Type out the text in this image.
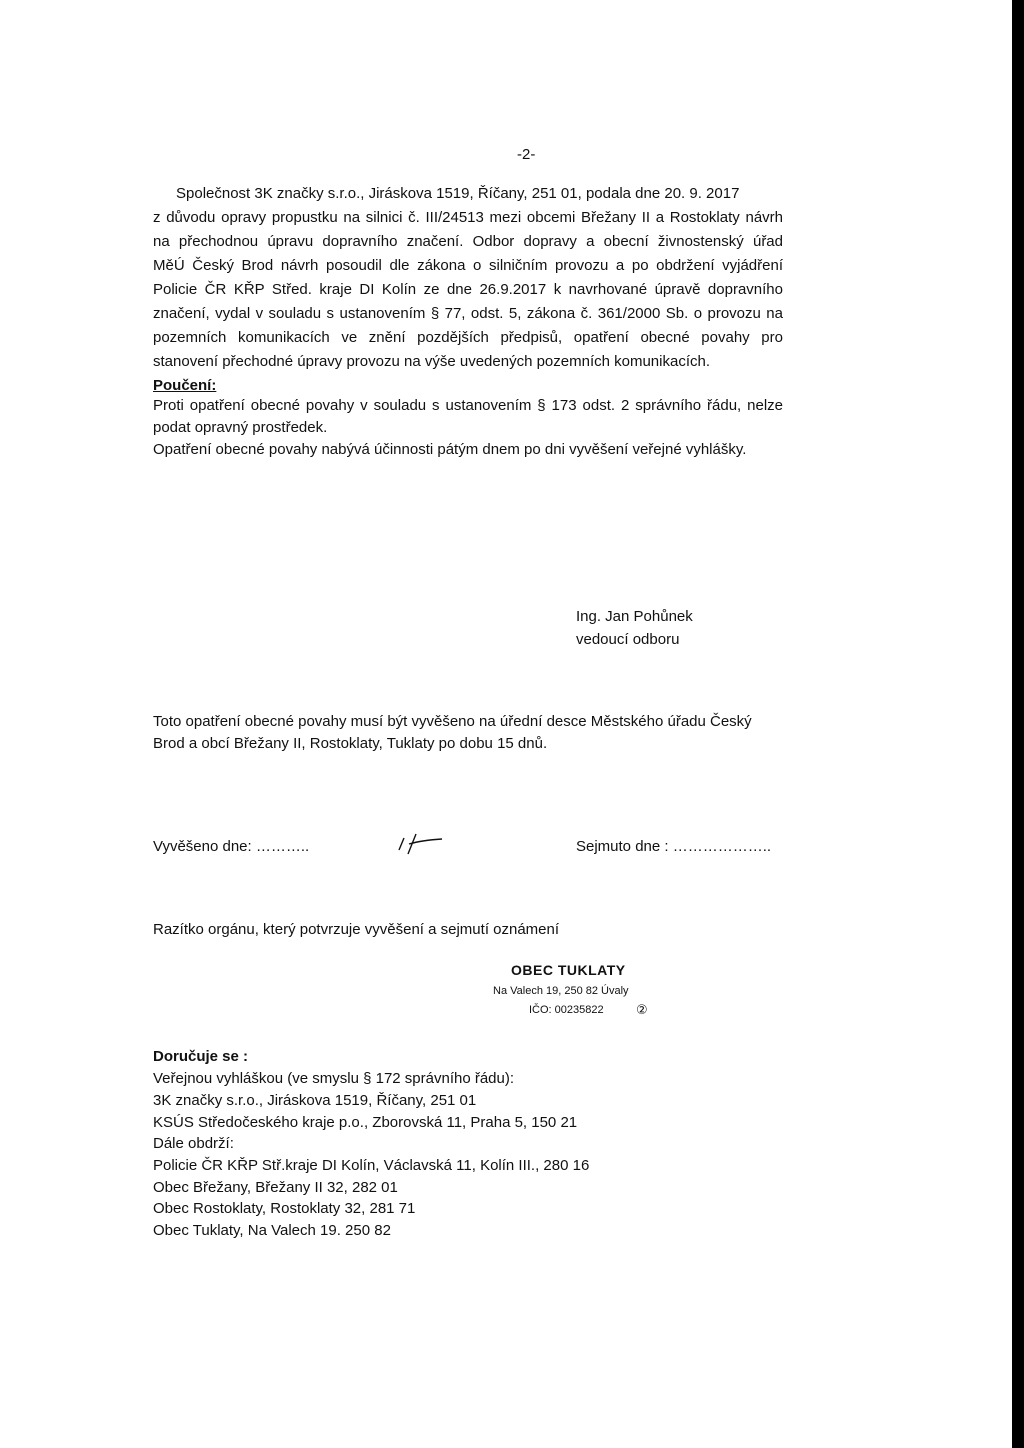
-2-
Společnost 3K značky s.r.o., Jiráskova 1519, Říčany, 251 01, podala dne 20. 9. 2017
z důvodu opravy propustku na silnici č. III/24513 mezi obcemi Břežany II a Rostoklaty návrh
na přechodnou úpravu dopravního značení. Odbor dopravy a obecní živnostenský úřad
MěÚ Český Brod návrh posoudil dle zákona o silničním provozu a po obdržení vyjádření
Policie ČR KŘP Střed. kraje DI Kolín ze dne 26.9.2017 k navrhované úpravě dopravního
značení, vydal v souladu s ustanovením § 77, odst. 5, zákona č. 361/2000 Sb. o provozu na
pozemních komunikacích ve znění pozdějších předpisů, opatření obecné povahy pro
stanovení přechodné úpravy provozu na výše uvedených pozemních komunikacích.
Poučení:
Proti opatření obecné povahy v souladu s ustanovením § 173 odst. 2 správního řádu, nelze
podat opravný prostředek.
Opatření obecné povahy nabývá účinnosti pátým dnem po dni vyvěšení veřejné vyhlášky.
Ing. Jan Pohůnek
vedoucí odboru
Toto opatření obecné povahy musí být vyvěšeno na úřední desce Městského úřadu Český
Brod a obcí Břežany II, Rostoklaty, Tuklaty po dobu 15 dnů.
Vyvěšeno dne: ………..	Sejmuto dne : ………………..
Razítko orgánu, který potvrzuje vyvěšení a sejmutí oznámení
OBEC TUKLATY
Na Valech 19, 250 82 Úvaly
IČO: 00235822 ②
Doručuje se :
Veřejnou vyhláškou (ve smyslu § 172 správního řádu):
3K značky s.r.o., Jiráskova 1519, Říčany, 251 01
KSÚS Středočeského kraje p.o., Zborovská 11, Praha 5, 150 21
Dále obdrží:
Policie ČR KŘP Stř.kraje DI Kolín, Václavská 11, Kolín III., 280 16
Obec Břežany, Břežany II 32, 282 01
Obec Rostoklaty, Rostoklaty 32, 281 71
Obec Tuklaty, Na Valech 19. 250 82
